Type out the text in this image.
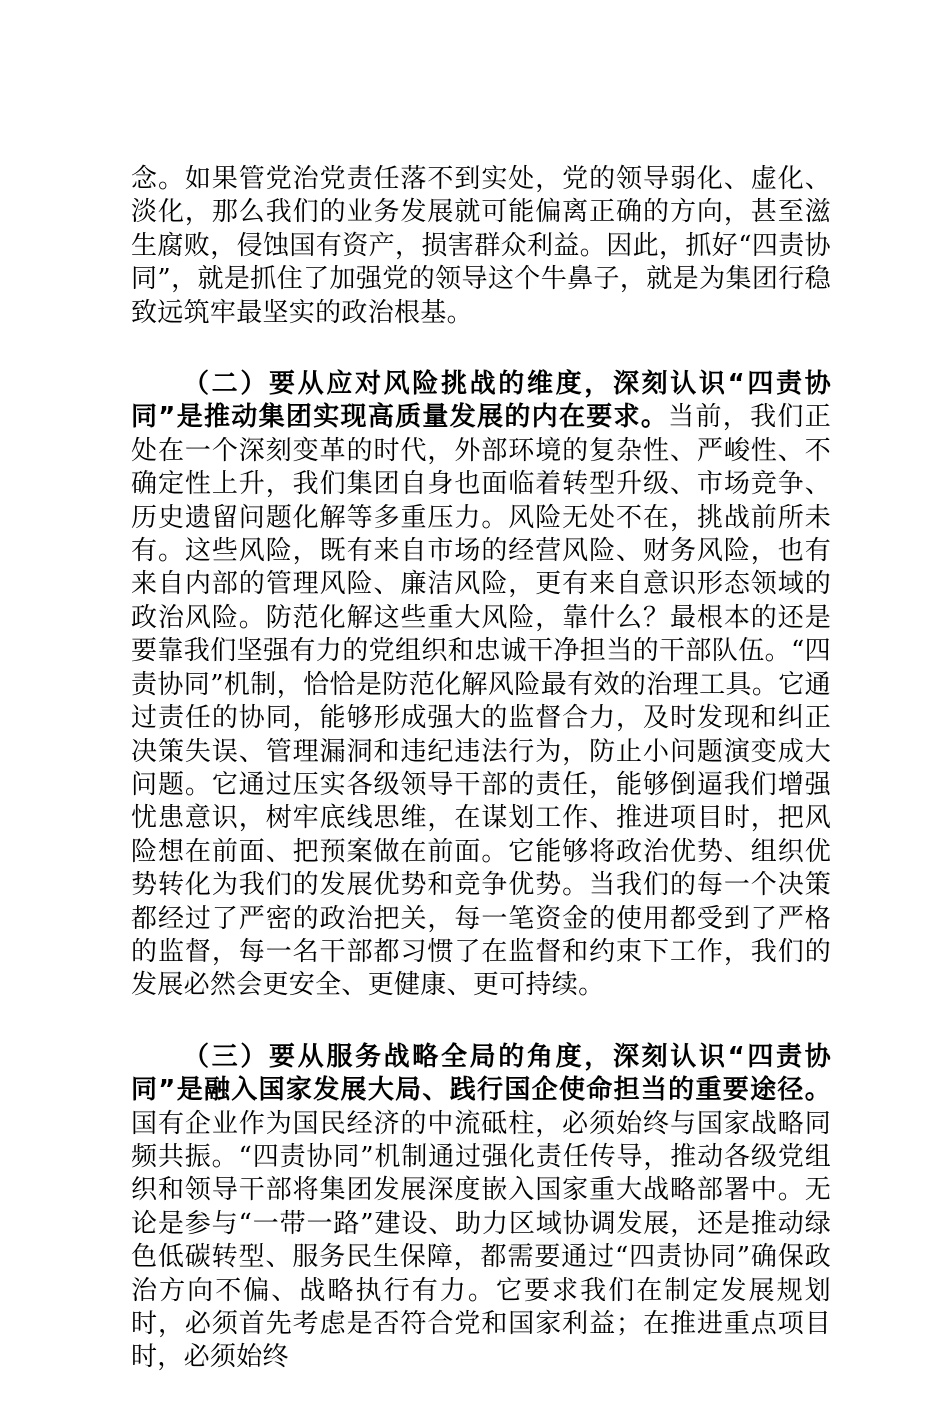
念。如果管党治党责任落不到实处，党的领导弱化、虚化、淡化，那么我们的业务发展就可能偏离正确的方向，甚至滋生腐败，侵蚀国有资产，损害群众利益。因此，抓好“四责协同”，就是抓住了加强党的领导这个牛鼻子，就是为集团行稳致远筑牢最坚实的政治根基。

（二）要从应对风险挑战的维度，深刻认识“四责协同”是推动集团实现高质量发展的内在要求。当前，我们正处在一个深刻变革的时代，外部环境的复杂性、严峻性、不确定性上升，我们集团自身也面临着转型升级、市场竞争、历史遗留问题化解等多重压力。风险无处不在，挑战前所未有。这些风险，既有来自市场的经营风险、财务风险，也有来自内部的管理风险、廉洁风险，更有来自意识形态领域的政治风险。防范化解这些重大风险，靠什么？最根本的还是要靠我们坚强有力的党组织和忠诚干净担当的干部队伍。“四责协同”机制，恰恰是防范化解风险最有效的治理工具。它通过责任的协同，能够形成强大的监督合力，及时发现和纠正决策失误、管理漏洞和违纪违法行为，防止小问题演变成大问题。它通过压实各级领导干部的责任，能够倒逼我们增强忧患意识，树牢底线思维，在谋划工作、推进项目时，把风险想在前面、把预案做在前面。它能够将政治优势、组织优势转化为我们的发展优势和竞争优势。当我们的每一个决策都经过了严密的政治把关，每一笔资金的使用都受到了严格的监督，每一名干部都习惯了在监督和约束下工作，我们的发展必然会更安全、更健康、更可持续。

（三）要从服务战略全局的角度，深刻认识“四责协同”是融入国家发展大局、践行国企使命担当的重要途径。国有企业作为国民经济的中流砥柱，必须始终与国家战略同频共振。“四责协同”机制通过强化责任传导，推动各级党组织和领导干部将集团发展深度嵌入国家重大战略部署中。无论是参与“一带一路”建设、助力区域协调发展，还是推动绿色低碳转型、服务民生保障，都需要通过“四责协同”确保政治方向不偏、战略执行有力。它要求我们在制定发展规划时，必须首先考虑是否符合党和国家利益；在推进重点项目时，必须始终
